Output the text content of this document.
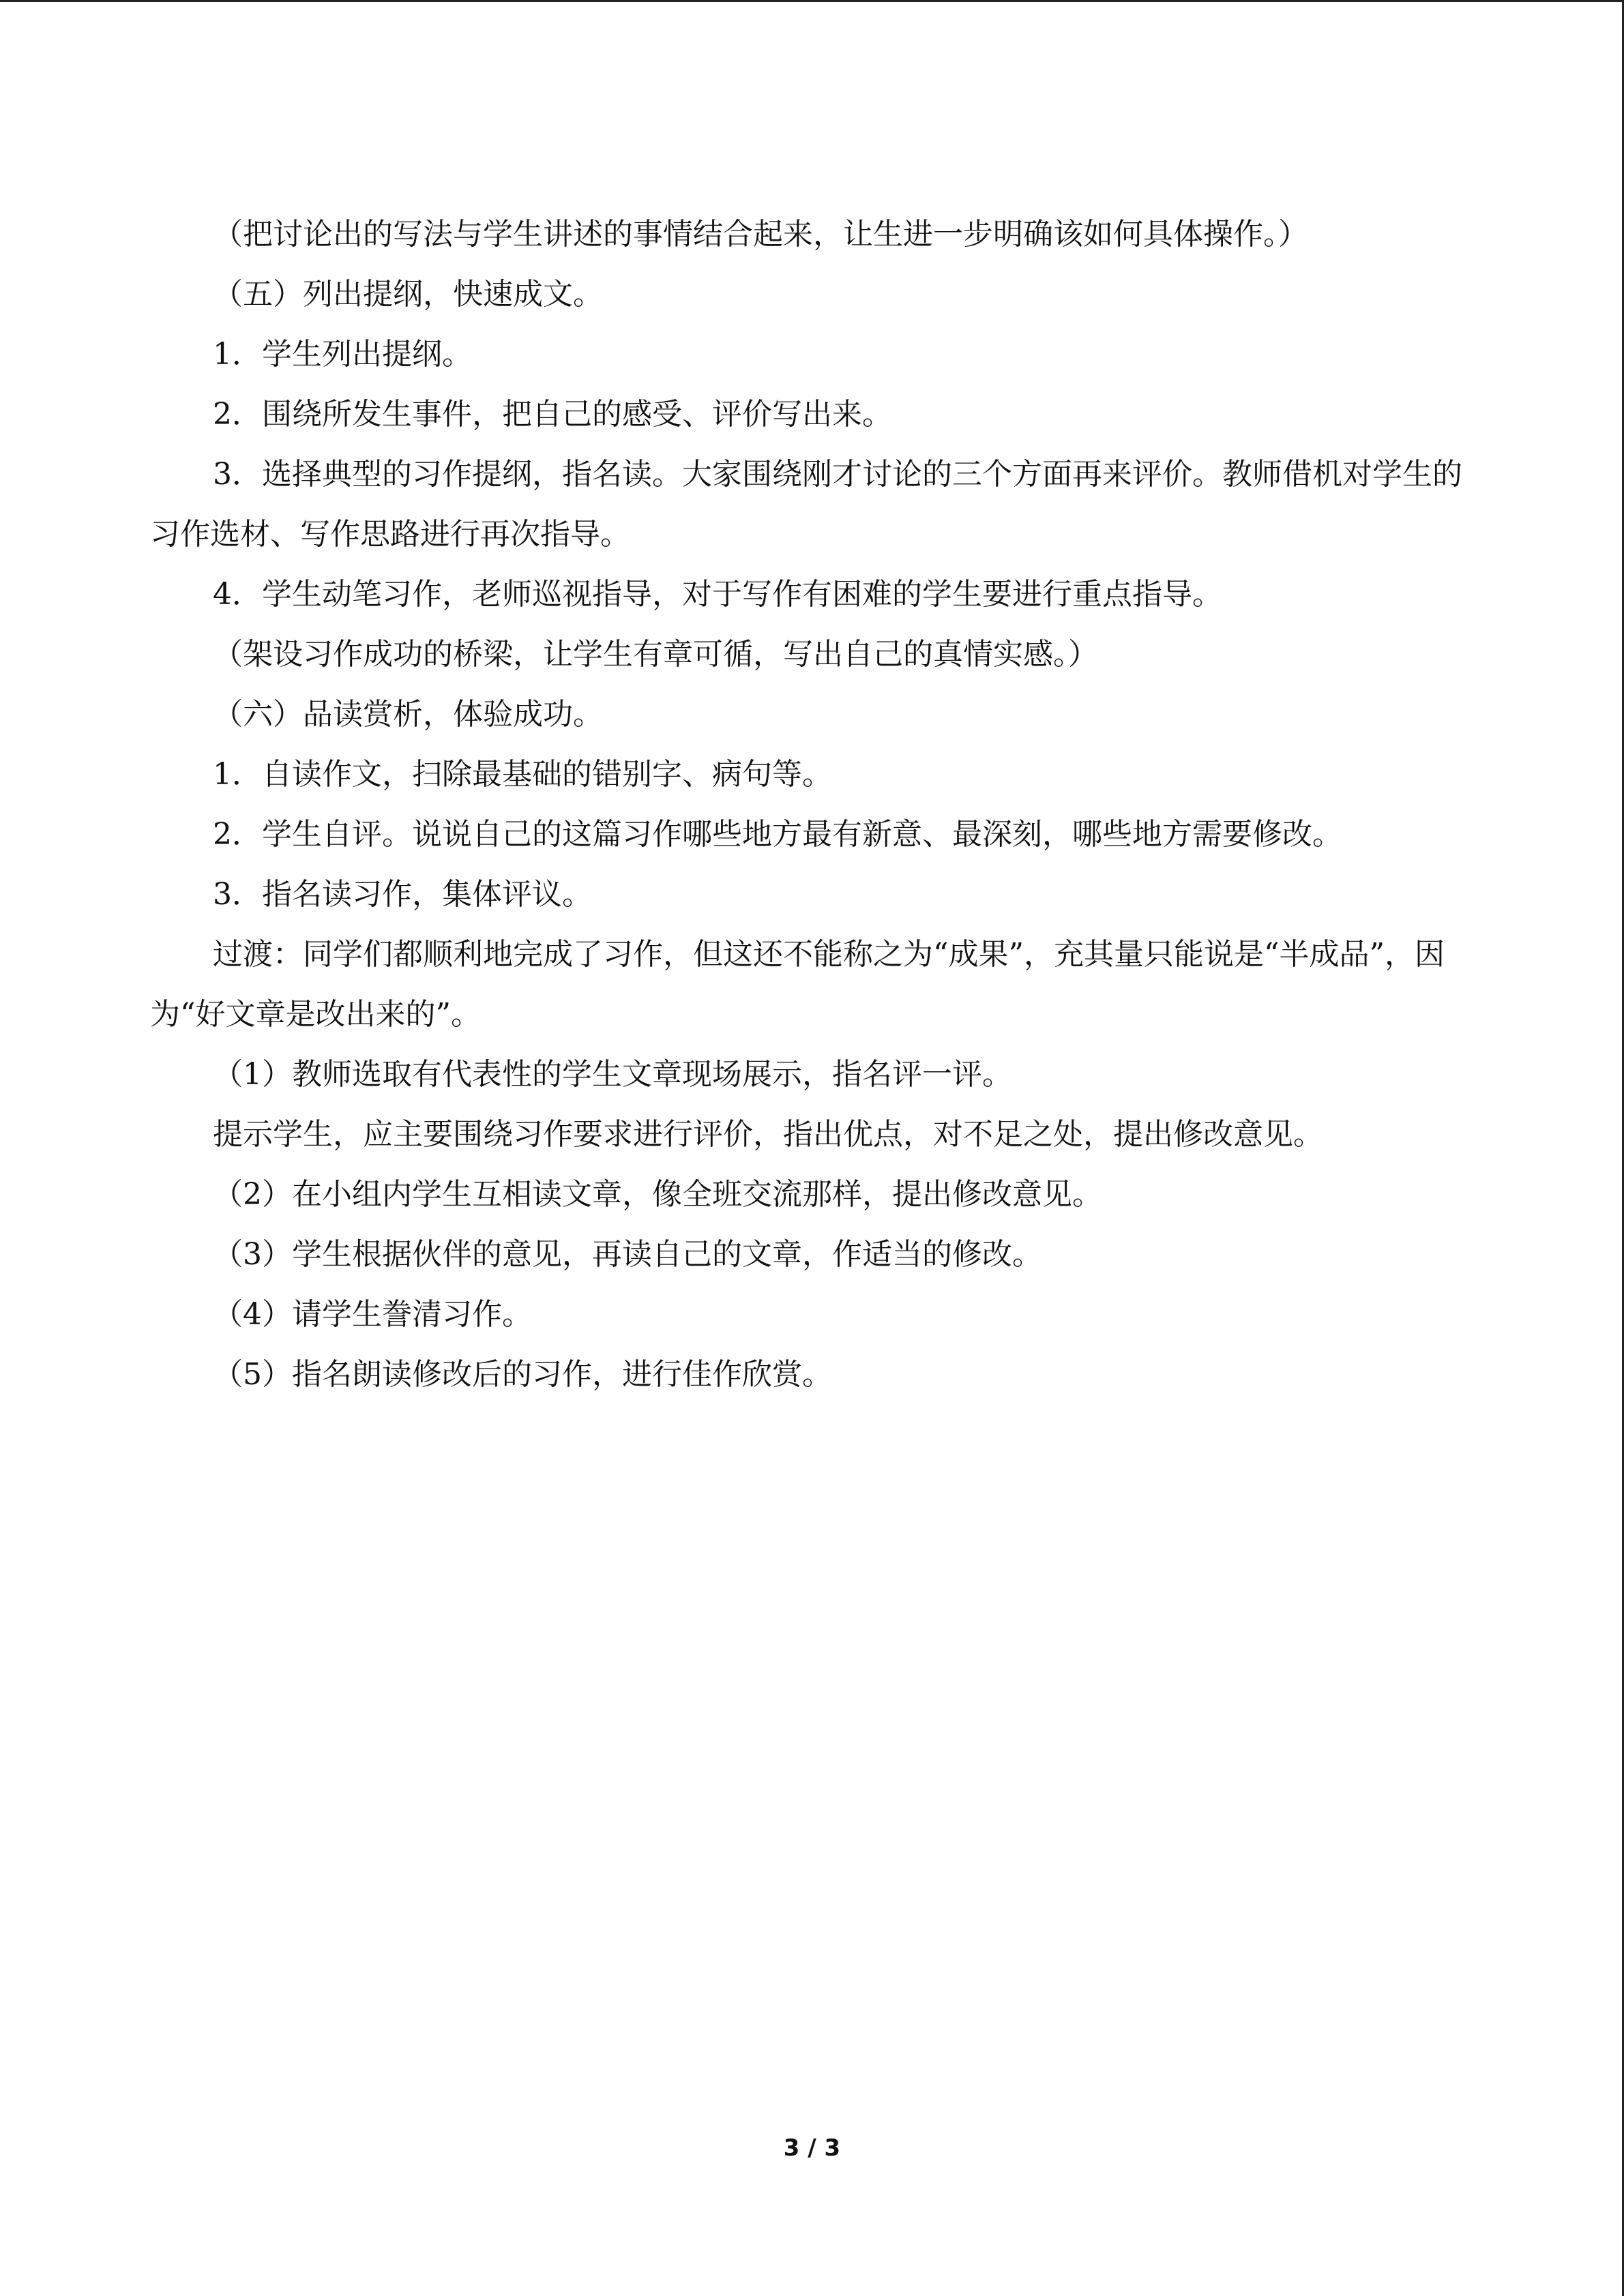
（把讨论出的写法与学生讲述的事情结合起来，让生进一步明确该如何具体操作。）

（五）列出提纲，快速成文。

1．学生列出提纲。

2．围绕所发生事件，把自己的感受、评价写出来。

3．选择典型的习作提纲，指名读。大家围绕刚才讨论的三个方面再来评价。教师借机对学生的习作选材、写作思路进行再次指导。

4．学生动笔习作，老师巡视指导，对于写作有困难的学生要进行重点指导。

（架设习作成功的桥梁，让学生有章可循，写出自己的真情实感。）

（六）品读赏析，体验成功。

1．自读作文，扫除最基础的错别字、病句等。

2．学生自评。说说自己的这篇习作哪些地方最有新意、最深刻，哪些地方需要修改。

3．指名读习作，集体评议。

过渡：同学们都顺利地完成了习作，但这还不能称之为“成果”，充其量只能说是“半成品”，因为“好文章是改出来的”。

（1）教师选取有代表性的学生文章现场展示，指名评一评。

提示学生，应主要围绕习作要求进行评价，指出优点，对不足之处，提出修改意见。

（2）在小组内学生互相读文章，像全班交流那样，提出修改意见。

（3）学生根据伙伴的意见，再读自己的文章，作适当的修改。

（4）请学生誊清习作。

（5）指名朗读修改后的习作，进行佳作欣赏。

3 / 3
